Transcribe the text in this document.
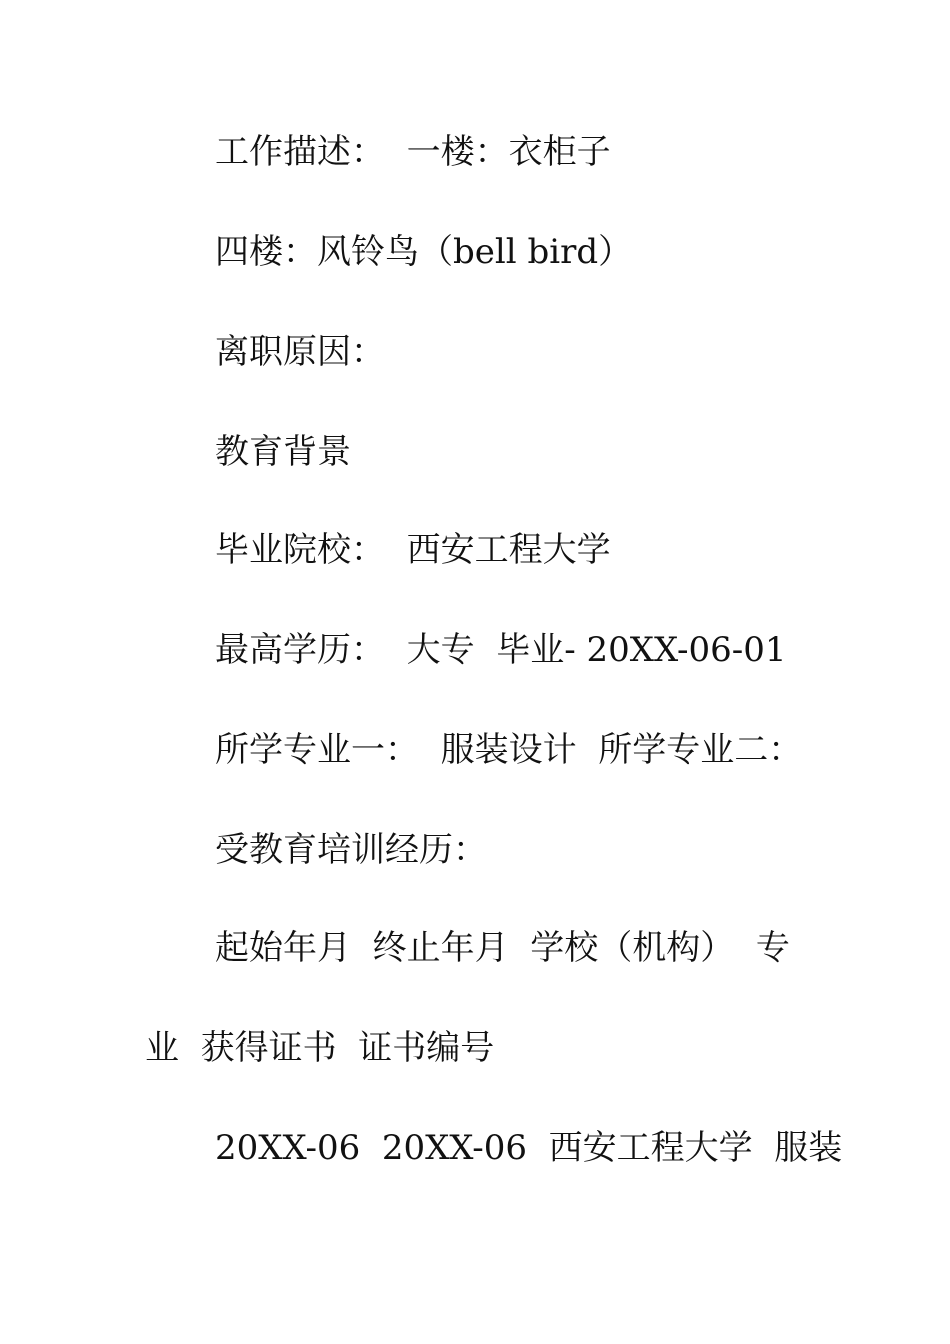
工作描述：  一楼：衣柜子
四楼：风铃鸟（bell bird）
离职原因：
教育背景
毕业院校：  西安工程大学
最高学历：  大专  毕业- 20XX-06-01
所学专业一：  服装设计  所学专业二：
受教育培训经历：
起始年月  终止年月  学校（机构）  专
业  获得证书  证书编号
20XX-06  20XX-06  西安工程大学  服装
